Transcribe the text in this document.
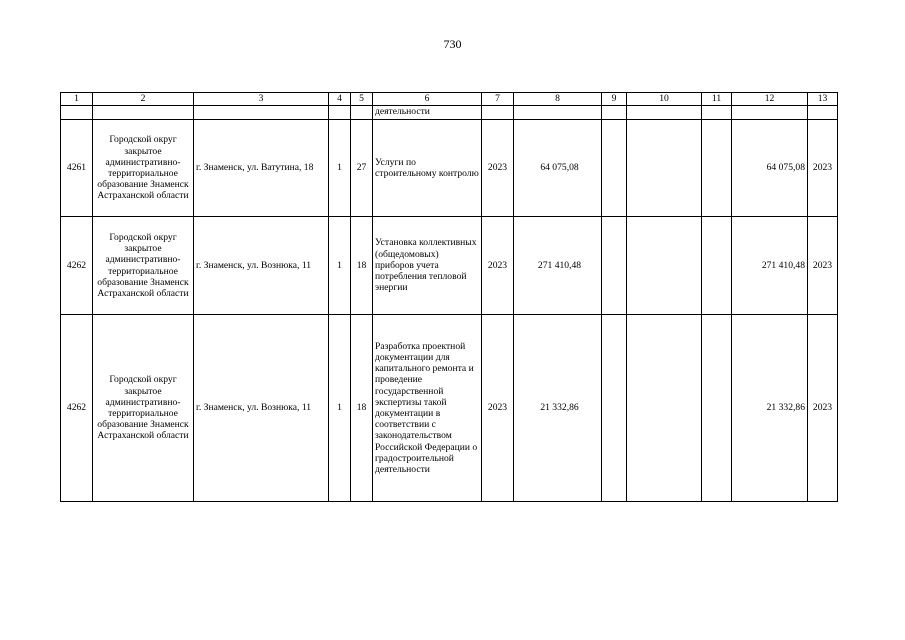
730
1	2	3	4	5	6	7	8	9	10	11	12	13
					деятельности							
4261	Городской округ закрытое административно-территориальное образование Знаменск Астраханской области	г. Знаменск, ул. Ватутина, 18	1	27	Услуги по строительному контролю	2023	64 075,08				64 075,08	2023
4262	Городской округ закрытое административно-территориальное образование Знаменск Астраханской области	г. Знаменск, ул. Вознюка, 11	1	18	Установка коллективных (общедомовых) приборов учета потребления тепловой энергии	2023	271 410,48				271 410,48	2023
4262	Городской округ закрытое административно-территориальное образование Знаменск Астраханской области	г. Знаменск, ул. Вознюка, 11	1	18	Разработка проектной документации для капитального ремонта и проведение государственной экспертизы такой документации в соответствии с законодательством Российской Федерации о градостроительной деятельности	2023	21 332,86				21 332,86	2023
